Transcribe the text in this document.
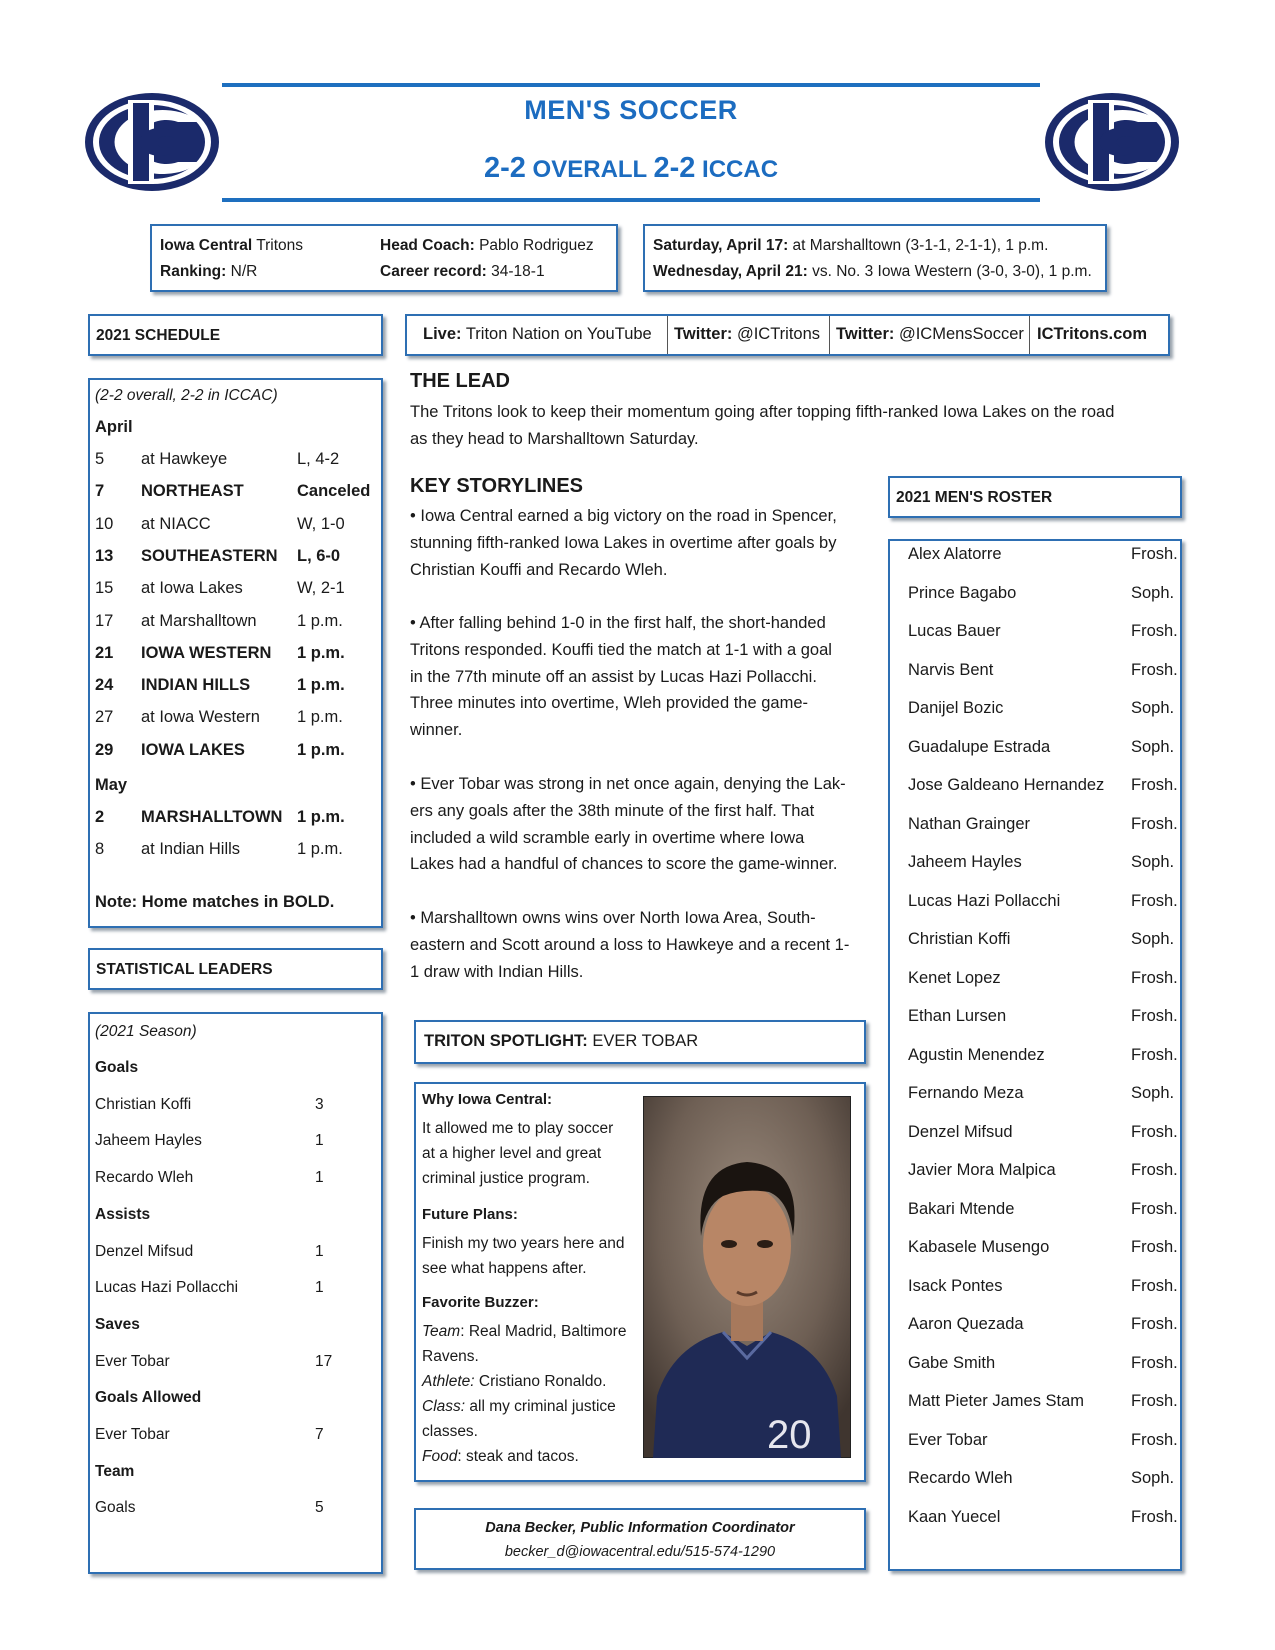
MEN'S SOCCER
2-2 OVERALL 2-2 ICCAC
Iowa Central Tritons
Ranking: N/R
Head Coach: Pablo Rodriguez
Career record: 34-18-1
Saturday, April 17: at Marshalltown (3-1-1, 2-1-1), 1 p.m.
Wednesday, April 21: vs. No. 3 Iowa Western (3-0, 3-0), 1 p.m.
Live: Triton Nation on YouTube Twitter: @ICTritons Twitter: @ICMensSoccer ICTritons.com
2021 SCHEDULE
(2-2 overall, 2-2 in ICCAC)
April
5 at Hawkeye	L, 4-2
7 NORTHEAST	Canceled
10 at NIACC	W, 1-0
13 SOUTHEASTERN L, 6-0
15 at Iowa Lakes	W, 2-1
17 at Marshalltown 1 p.m.
21 IOWA WESTERN 1 p.m.
24 INDIAN HILLS	1 p.m.
27 at Iowa Western 1 p.m.
29 IOWA LAKES	1 p.m.
May
2 MARSHALLTOWN 1 p.m.
8 at Indian Hills	1 p.m.
Note: Home matches in BOLD.
STATISTICAL LEADERS
(2021 Season)
Goals
Christian Koffi	3
Jaheem Hayles	1
Recardo Wleh	1
Assists
Denzel Mifsud	1
Lucas Hazi Pollacchi	1
Saves
Ever Tobar	17
Goals Allowed
Ever Tobar	7
Team
Goals	5
THE LEAD
The Tritons look to keep their momentum going after topping fifth-ranked Iowa Lakes on the road
as they head to Marshalltown Saturday.
KEY STORYLINES
• Iowa Central earned a big victory on the road in Spencer,
stunning fifth-ranked Iowa Lakes in overtime after goals by
Christian Kouffi and Recardo Wleh.
• After falling behind 1-0 in the first half, the short-handed
Tritons responded. Kouffi tied the match at 1-1 with a goal
in the 77th minute off an assist by Lucas Hazi Pollacchi.
Three minutes into overtime, Wleh provided the game-
winner.
• Ever Tobar was strong in net once again, denying the Lak-
ers any goals after the 38th minute of the first half. That
included a wild scramble early in overtime where Iowa
Lakes had a handful of chances to score the game-winner.
• Marshalltown owns wins over North Iowa Area, South-
eastern and Scott around a loss to Hawkeye and a recent 1-
1 draw with Indian Hills.
TRITON SPOTLIGHT: EVER TOBAR
Why Iowa Central:
It allowed me to play soccer
at a higher level and great
criminal justice program.
Future Plans:
Finish my two years here and
see what happens after.
Favorite Buzzer:
Team: Real Madrid, Baltimore
Ravens.
Athlete: Cristiano Ronaldo.
Class: all my criminal justice
classes.
Food: steak and tacos.	20
Dana Becker, Public Information Coordinator
becker_d@iowacentral.edu/515-574-1290
2021 MEN'S ROSTER
Alex Alatorre	Frosh.
Prince Bagabo	Soph.
Lucas Bauer	Frosh.
Narvis Bent	Frosh.
Danijel Bozic	Soph.
Guadalupe Estrada	Soph.
Jose Galdeano Hernandez Frosh.
Nathan Grainger	Frosh.
Jaheem Hayles	Soph.
Lucas Hazi Pollacchi	Frosh.
Christian Koffi	Soph.
Kenet Lopez	Frosh.
Ethan Lursen	Frosh.
Agustin Menendez	Frosh.
Fernando Meza	Soph.
Denzel Mifsud	Frosh.
Javier Mora Malpica	Frosh.
Bakari Mtende	Frosh.
Kabasele Musengo	Frosh.
Isack Pontes	Frosh.
Aaron Quezada	Frosh.
Gabe Smith	Frosh.
Matt Pieter James Stam	Frosh.
Ever Tobar	Frosh.
Recardo Wleh	Soph.
Kaan Yuecel	Frosh.
